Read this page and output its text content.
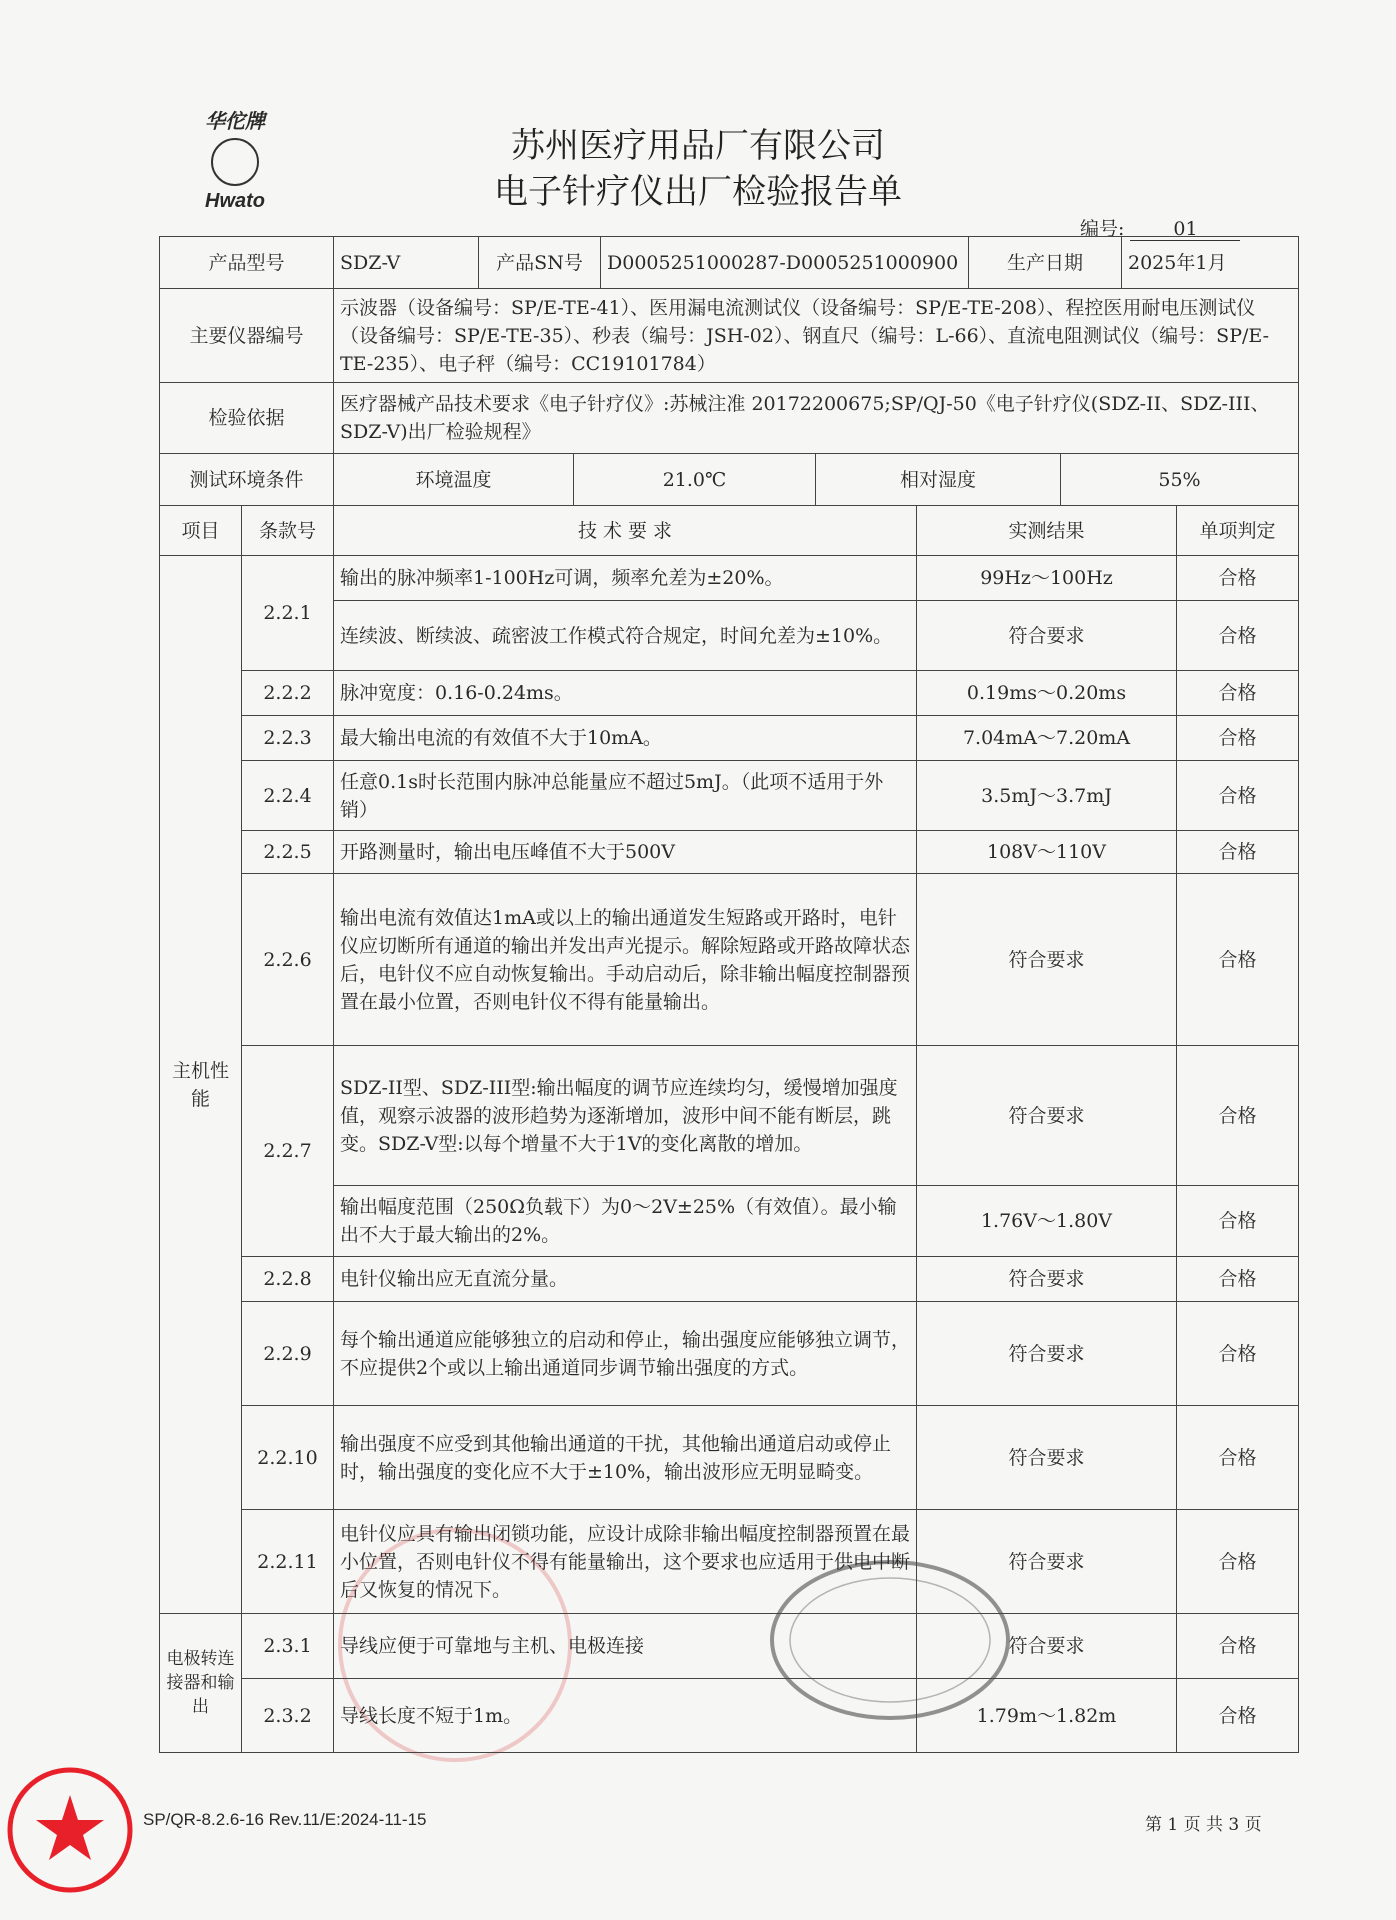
华佗牌
Hwato
苏州医疗用品厂有限公司
电子针疗仪出厂检验报告单
编号:	01
产品型号	SDZ-V	产品SN号	D0005251000287-D0005251000900	生产日期	2025年1月
主要仪器编号	示波器（设备编号：SP/E-TE-41）、医用漏电流测试仪（设备编号：SP/E-TE-208）、程控医用耐电压测试仪（设备编号：SP/E-TE-35）、秒表（编号：JSH-02）、钢直尺（编号：L-66）、直流电阻测试仪（编号：SP/E-TE-235）、电子秤（编号：CC19101784）				
检验依据	医疗器械产品技术要求《电子针疗仪》:苏械注准 20172200675;SP/QJ-50《电子针疗仪(SDZ-II、SDZ-III、SDZ-V)出厂检验规程》				
测试环境条件	环境温度	21.0℃	相对湿度	55%
项目	条款号	技 术 要 求	实测结果	单项判定
主机性能	2.2.1	输出的脉冲频率1-100Hz可调，频率允差为±20%。	99Hz～100Hz	合格
		连续波、断续波、疏密波工作模式符合规定，时间允差为±10%。	符合要求	合格
	2.2.2	脉冲宽度：0.16-0.24ms。	0.19ms～0.20ms	合格
	2.2.3	最大输出电流的有效值不大于10mA。	7.04mA～7.20mA	合格
	2.2.4	任意0.1s时长范围内脉冲总能量应不超过5mJ。（此项不适用于外销）	3.5mJ～3.7mJ	合格
	2.2.5	开路测量时，输出电压峰值不大于500V	108V～110V	合格
	2.2.6	输出电流有效值达1mA或以上的输出通道发生短路或开路时，电针仪应切断所有通道的输出并发出声光提示。解除短路或开路故障状态后，电针仪不应自动恢复输出。手动启动后，除非输出幅度控制器预置在最小位置，否则电针仪不得有能量输出。	符合要求	合格
	2.2.7	SDZ-II型、SDZ-III型:输出幅度的调节应连续均匀，缓慢增加强度值，观察示波器的波形趋势为逐渐增加，波形中间不能有断层，跳变。SDZ-V型:以每个增量不大于1V的变化离散的增加。	符合要求	合格
		输出幅度范围（250Ω负载下）为0～2V±25%（有效值）。最小输出不大于最大输出的2%。	1.76V～1.80V	合格
	2.2.8	电针仪输出应无直流分量。	符合要求	合格
	2.2.9	每个输出通道应能够独立的启动和停止，输出强度应能够独立调节，不应提供2个或以上输出通道同步调节输出强度的方式。	符合要求	合格
	2.2.10	输出强度不应受到其他输出通道的干扰，其他输出通道启动或停止时，输出强度的变化应不大于±10%，输出波形应无明显畸变。	符合要求	合格
	2.2.11	电针仪应具有输出闭锁功能，应设计成除非输出幅度控制器预置在最小位置，否则电针仪不得有能量输出，这个要求也应适用于供电中断后又恢复的情况下。	符合要求	合格
电极转连接器和输出	2.3.1	导线应便于可靠地与主机、电极连接	符合要求	合格
	2.3.2	导线长度不短于1m。	1.79m～1.82m	合格
SP/QR-8.2.6-16 Rev.11/E:2024-11-15	第 1 页 共 3 页
